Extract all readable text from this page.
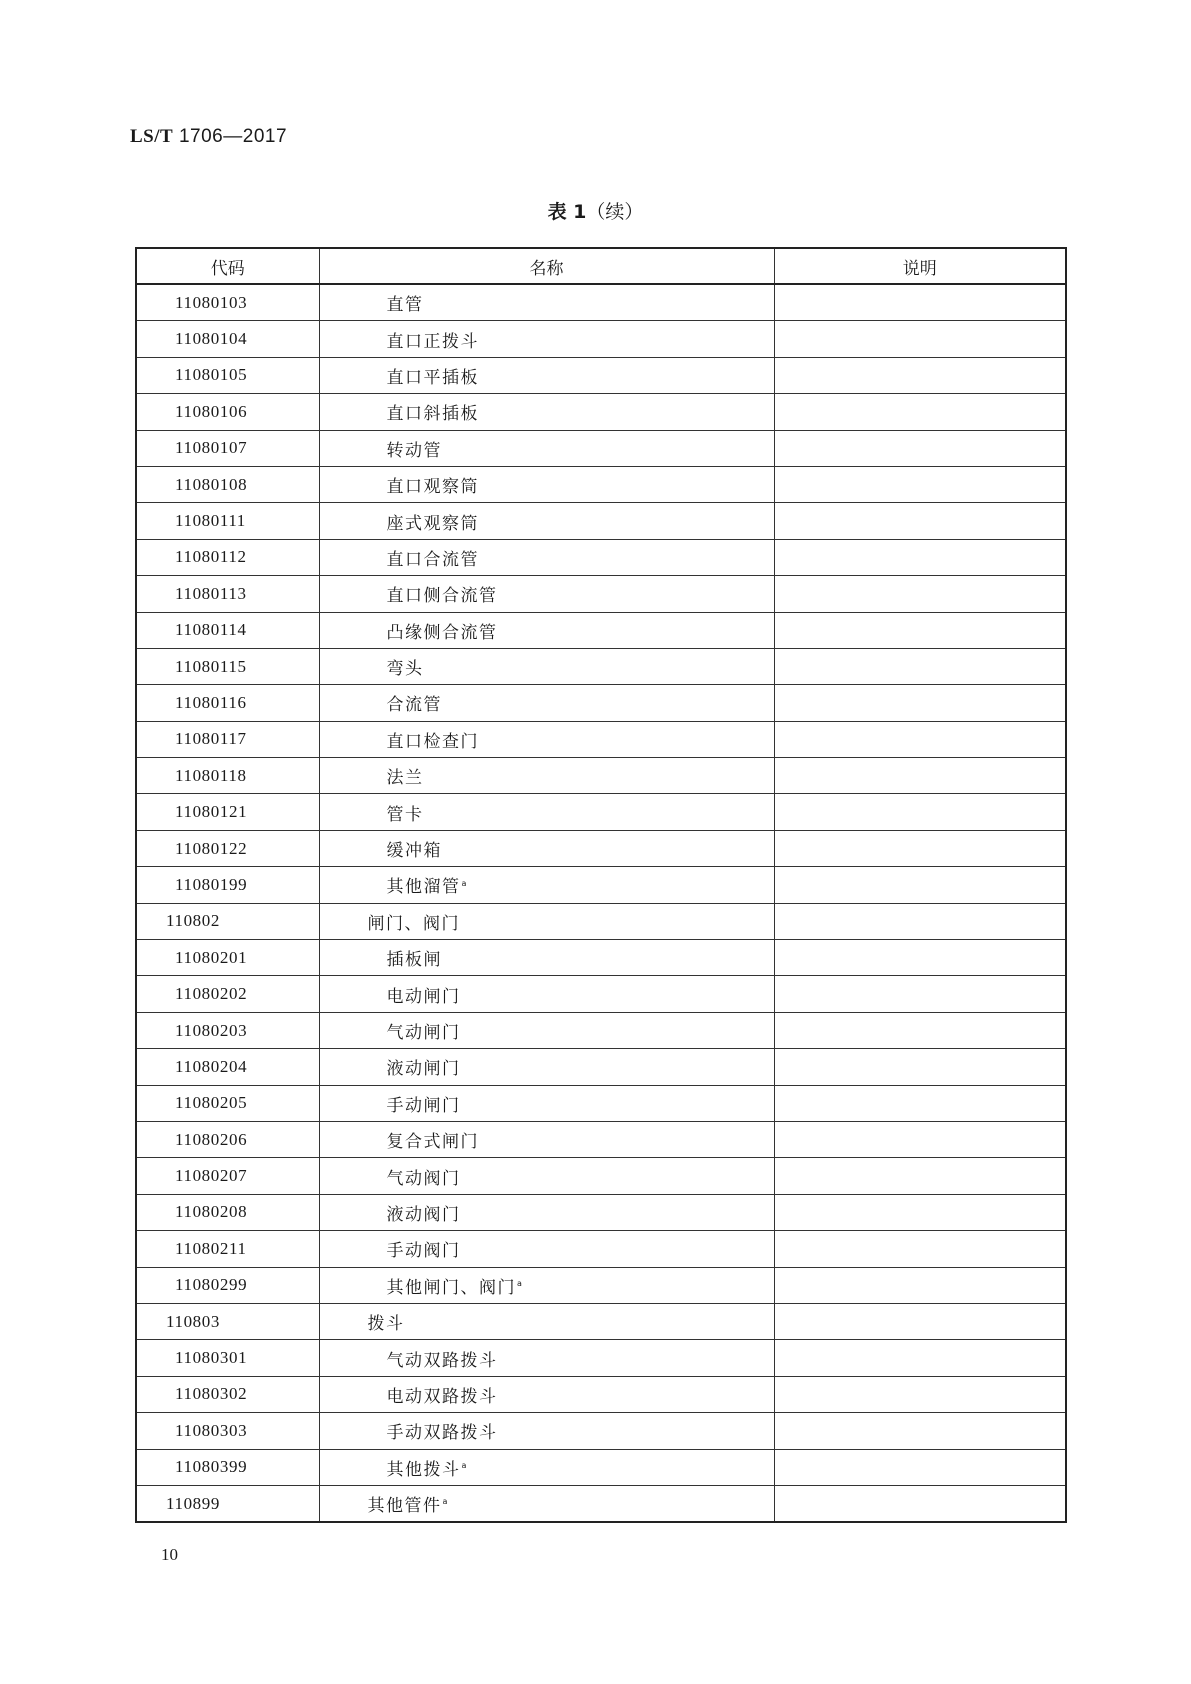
LS/T 1706—2017
表 1（续）
代码	名称	说明
11080103	直管	
11080104	直口正拨斗	
11080105	直口平插板	
11080106	直口斜插板	
11080107	转动管	
11080108	直口观察筒	
11080111	座式观察筒	
11080112	直口合流管	
11080113	直口侧合流管	
11080114	凸缘侧合流管	
11080115	弯头	
11080116	合流管	
11080117	直口检查门	
11080118	法兰	
11080121	管卡	
11080122	缓冲箱	
11080199	其他溜管$^a$	
110802	闸门、阀门	
11080201	插板闸	
11080202	电动闸门	
11080203	气动闸门	
11080204	液动闸门	
11080205	手动闸门	
11080206	复合式闸门	
11080207	气动阀门	
11080208	液动阀门	
11080211	手动阀门	
11080299	其他闸门、阀门$^a$	
110803	拨斗	
11080301	气动双路拨斗	
11080302	电动双路拨斗	
11080303	手动双路拨斗	
11080399	其他拨斗$^a$	
110899	其他管件$^a$	
10
